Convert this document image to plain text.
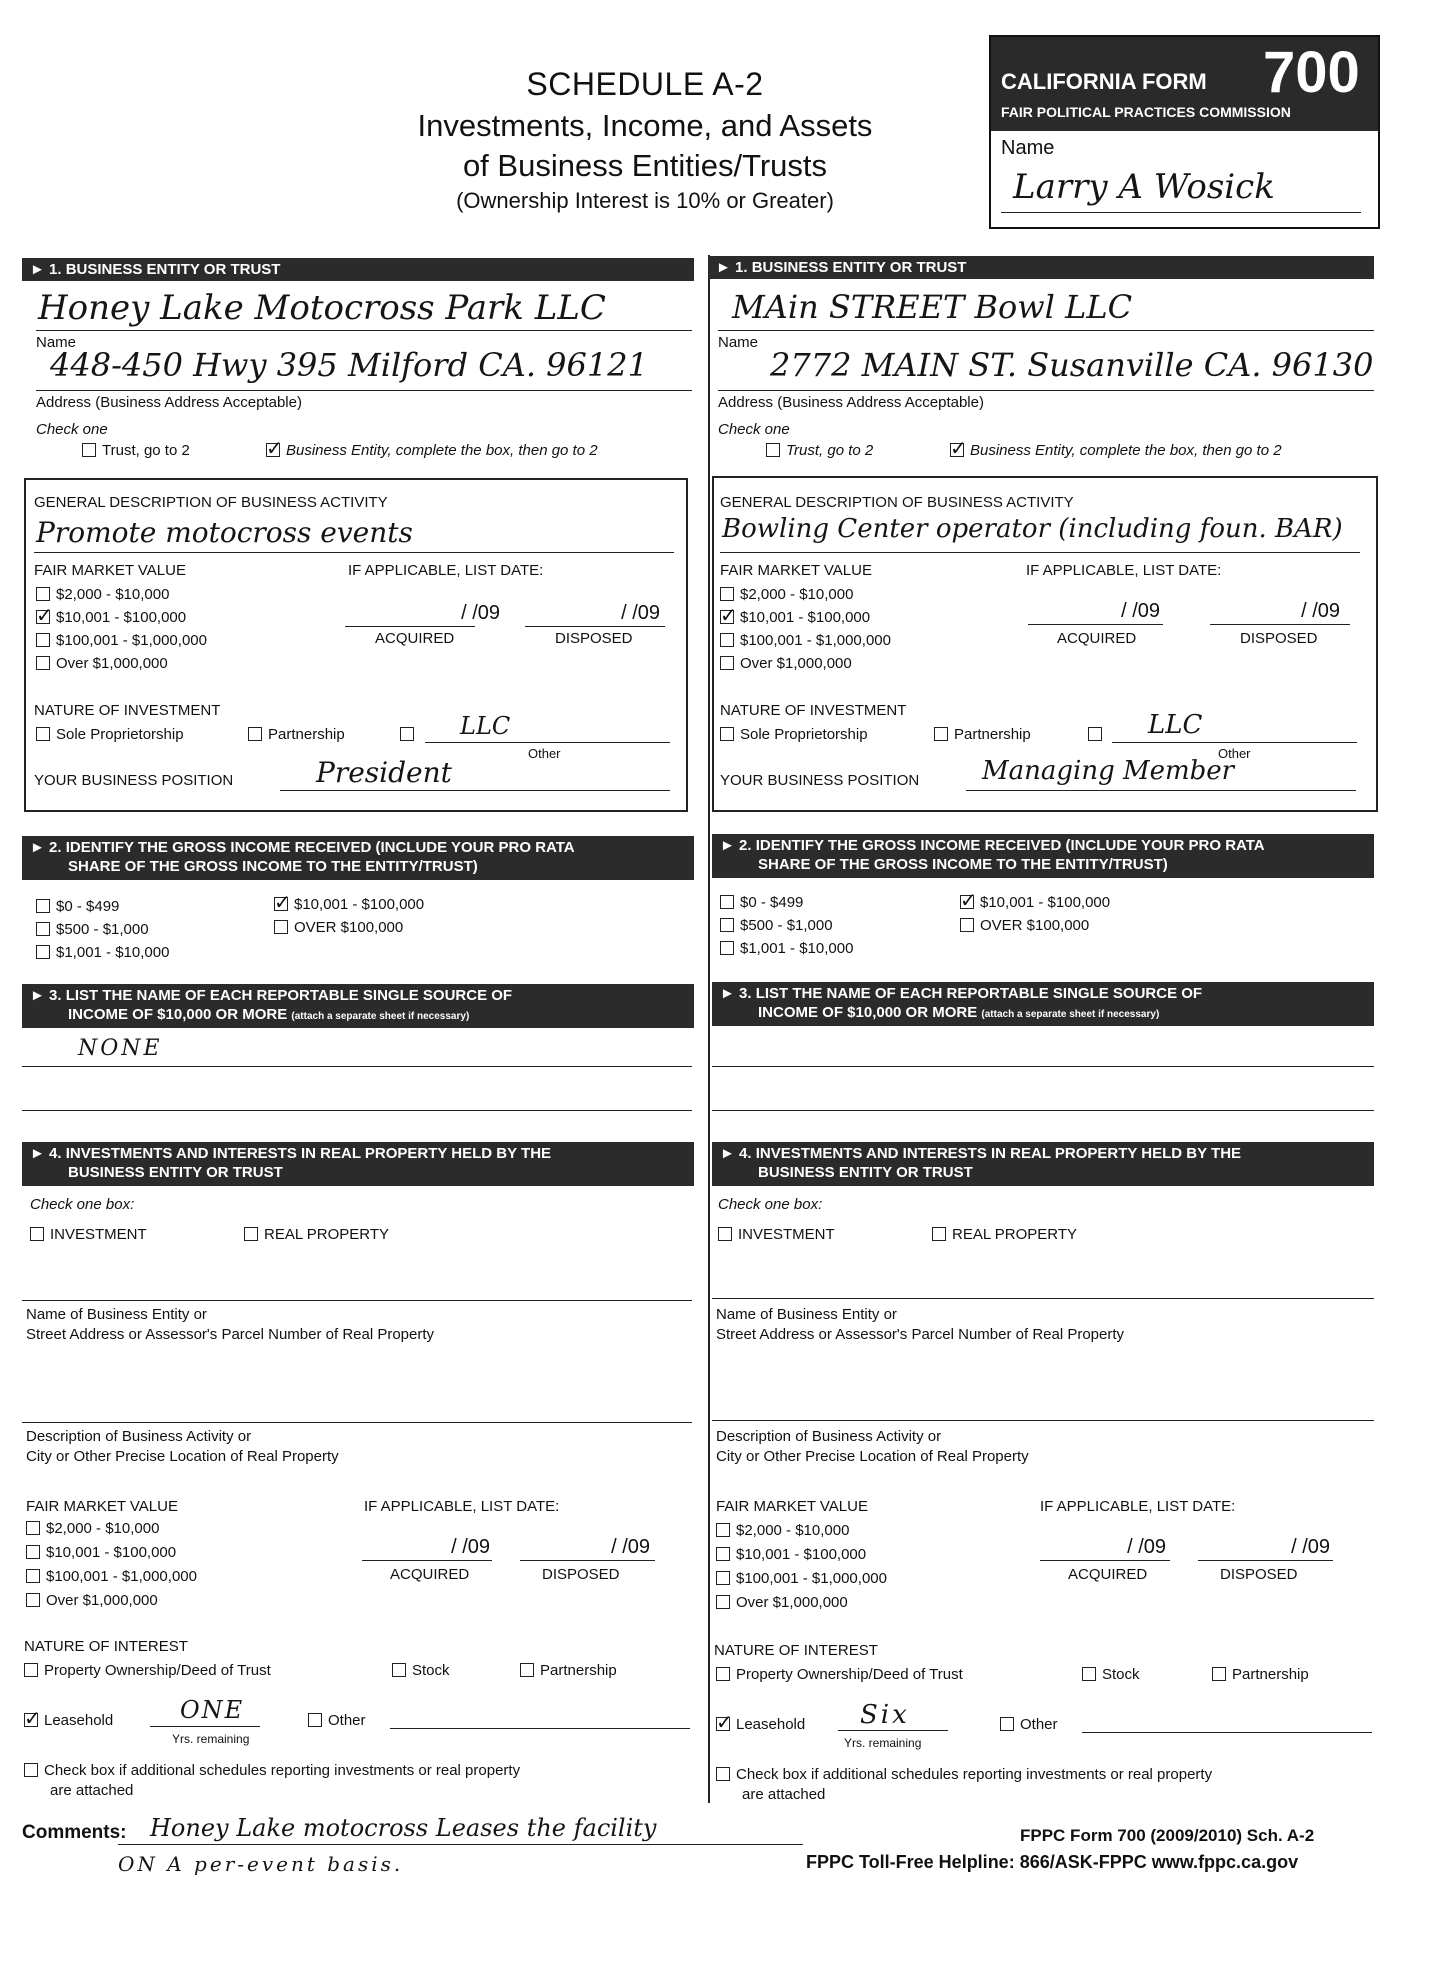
SCHEDULE A-2
Investments, Income, and Assets
of Business Entities/Trusts
(Ownership Interest is 10% or Greater)
CALIFORNIA FORM 700
FAIR POLITICAL PRACTICES COMMISSION
Name
Larry A Wosick
► 1. BUSINESS ENTITY OR TRUST
Honey Lake Motocross Park LLC
Name
448-450 Hwy 395 Milford CA. 96121
Address (Business Address Acceptable)
Check one
Trust, go to 2 ✓	Business Entity, complete the box, then go to 2
GENERAL DESCRIPTION OF BUSINESS ACTIVITY
Promote motocross events
FAIR MARKET VALUE	IF APPLICABLE, LIST DATE:
$2,000 - $10,000
✓$10,001 - $100,000
$100,001 - $1,000,000
Over $1,000,000
/ /09
ACQUIRED
/ /09
DISPOSED
NATURE OF INVESTMENT
Sole Proprietorship	Partnership	LLC
Other
YOUR BUSINESS POSITION	President
► 2. IDENTIFY THE GROSS INCOME RECEIVED (INCLUDE YOUR PRO RATA
SHARE OF THE GROSS INCOME TO THE ENTITY/TRUST)
$0 - $499
$500 - $1,000
$1,001 - $10,000
✓$10,001 - $100,000
OVER $100,000
► 3. LIST THE NAME OF EACH REPORTABLE SINGLE SOURCE OF
INCOME OF $10,000 OR MORE (attach a separate sheet if necessary)
NONE
► 4. INVESTMENTS AND INTERESTS IN REAL PROPERTY HELD BY THE
BUSINESS ENTITY OR TRUST
Check one box:
INVESTMENT	REAL PROPERTY
Name of Business Entity or
Street Address or Assessor's Parcel Number of Real Property
Description of Business Activity or
City or Other Precise Location of Real Property
FAIR MARKET VALUE	IF APPLICABLE, LIST DATE:
$2,000 - $10,000
$10,001 - $100,000
$100,001 - $1,000,000
Over $1,000,000
/ /09
ACQUIRED
/ /09
DISPOSED
NATURE OF INTEREST
Property Ownership/Deed of Trust	Stock	Partnership
✓Leasehold	ONE
Yrs. remaining
Other
Check box if additional schedules reporting investments or real property
are attached
► 1. BUSINESS ENTITY OR TRUST
MAin STREET Bowl LLC
Name
2772 MAIN ST. Susanville CA. 96130
Address (Business Address Acceptable)
Check one
Trust, go to 2 ✓	Business Entity, complete the box, then go to 2
GENERAL DESCRIPTION OF BUSINESS ACTIVITY
Bowling Center operator (including foun. BAR)
FAIR MARKET VALUE	IF APPLICABLE, LIST DATE:
$2,000 - $10,000
✓$10,001 - $100,000
$100,001 - $1,000,000
Over $1,000,000
/ /09
ACQUIRED
/ /09
DISPOSED
NATURE OF INVESTMENT
Sole Proprietorship	Partnership	LLC
Other
YOUR BUSINESS POSITION Managing Member
► 2. IDENTIFY THE GROSS INCOME RECEIVED (INCLUDE YOUR PRO RATA
SHARE OF THE GROSS INCOME TO THE ENTITY/TRUST)
$0 - $499
$500 - $1,000
$1,001 - $10,000
✓$10,001 - $100,000
OVER $100,000
► 3. LIST THE NAME OF EACH REPORTABLE SINGLE SOURCE OF
INCOME OF $10,000 OR MORE (attach a separate sheet if necessary)
► 4. INVESTMENTS AND INTERESTS IN REAL PROPERTY HELD BY THE
BUSINESS ENTITY OR TRUST
Check one box:
INVESTMENT	REAL PROPERTY
Name of Business Entity or
Street Address or Assessor's Parcel Number of Real Property
Description of Business Activity or
City or Other Precise Location of Real Property
FAIR MARKET VALUE	IF APPLICABLE, LIST DATE:
$2,000 - $10,000
$10,001 - $100,000
$100,001 - $1,000,000
Over $1,000,000
/ /09
ACQUIRED
/ /09
DISPOSED
NATURE OF INTEREST
Property Ownership/Deed of Trust	Stock	Partnership
✓Leasehold Six
Yrs. remaining
Other
Check box if additional schedules reporting investments or real property
are attached
Comments: Honey Lake motocross Leases the facility
ON A per-event basis.
FPPC Form 700 (2009/2010) Sch. A-2
FPPC Toll-Free Helpline: 866/ASK-FPPC www.fppc.ca.gov
